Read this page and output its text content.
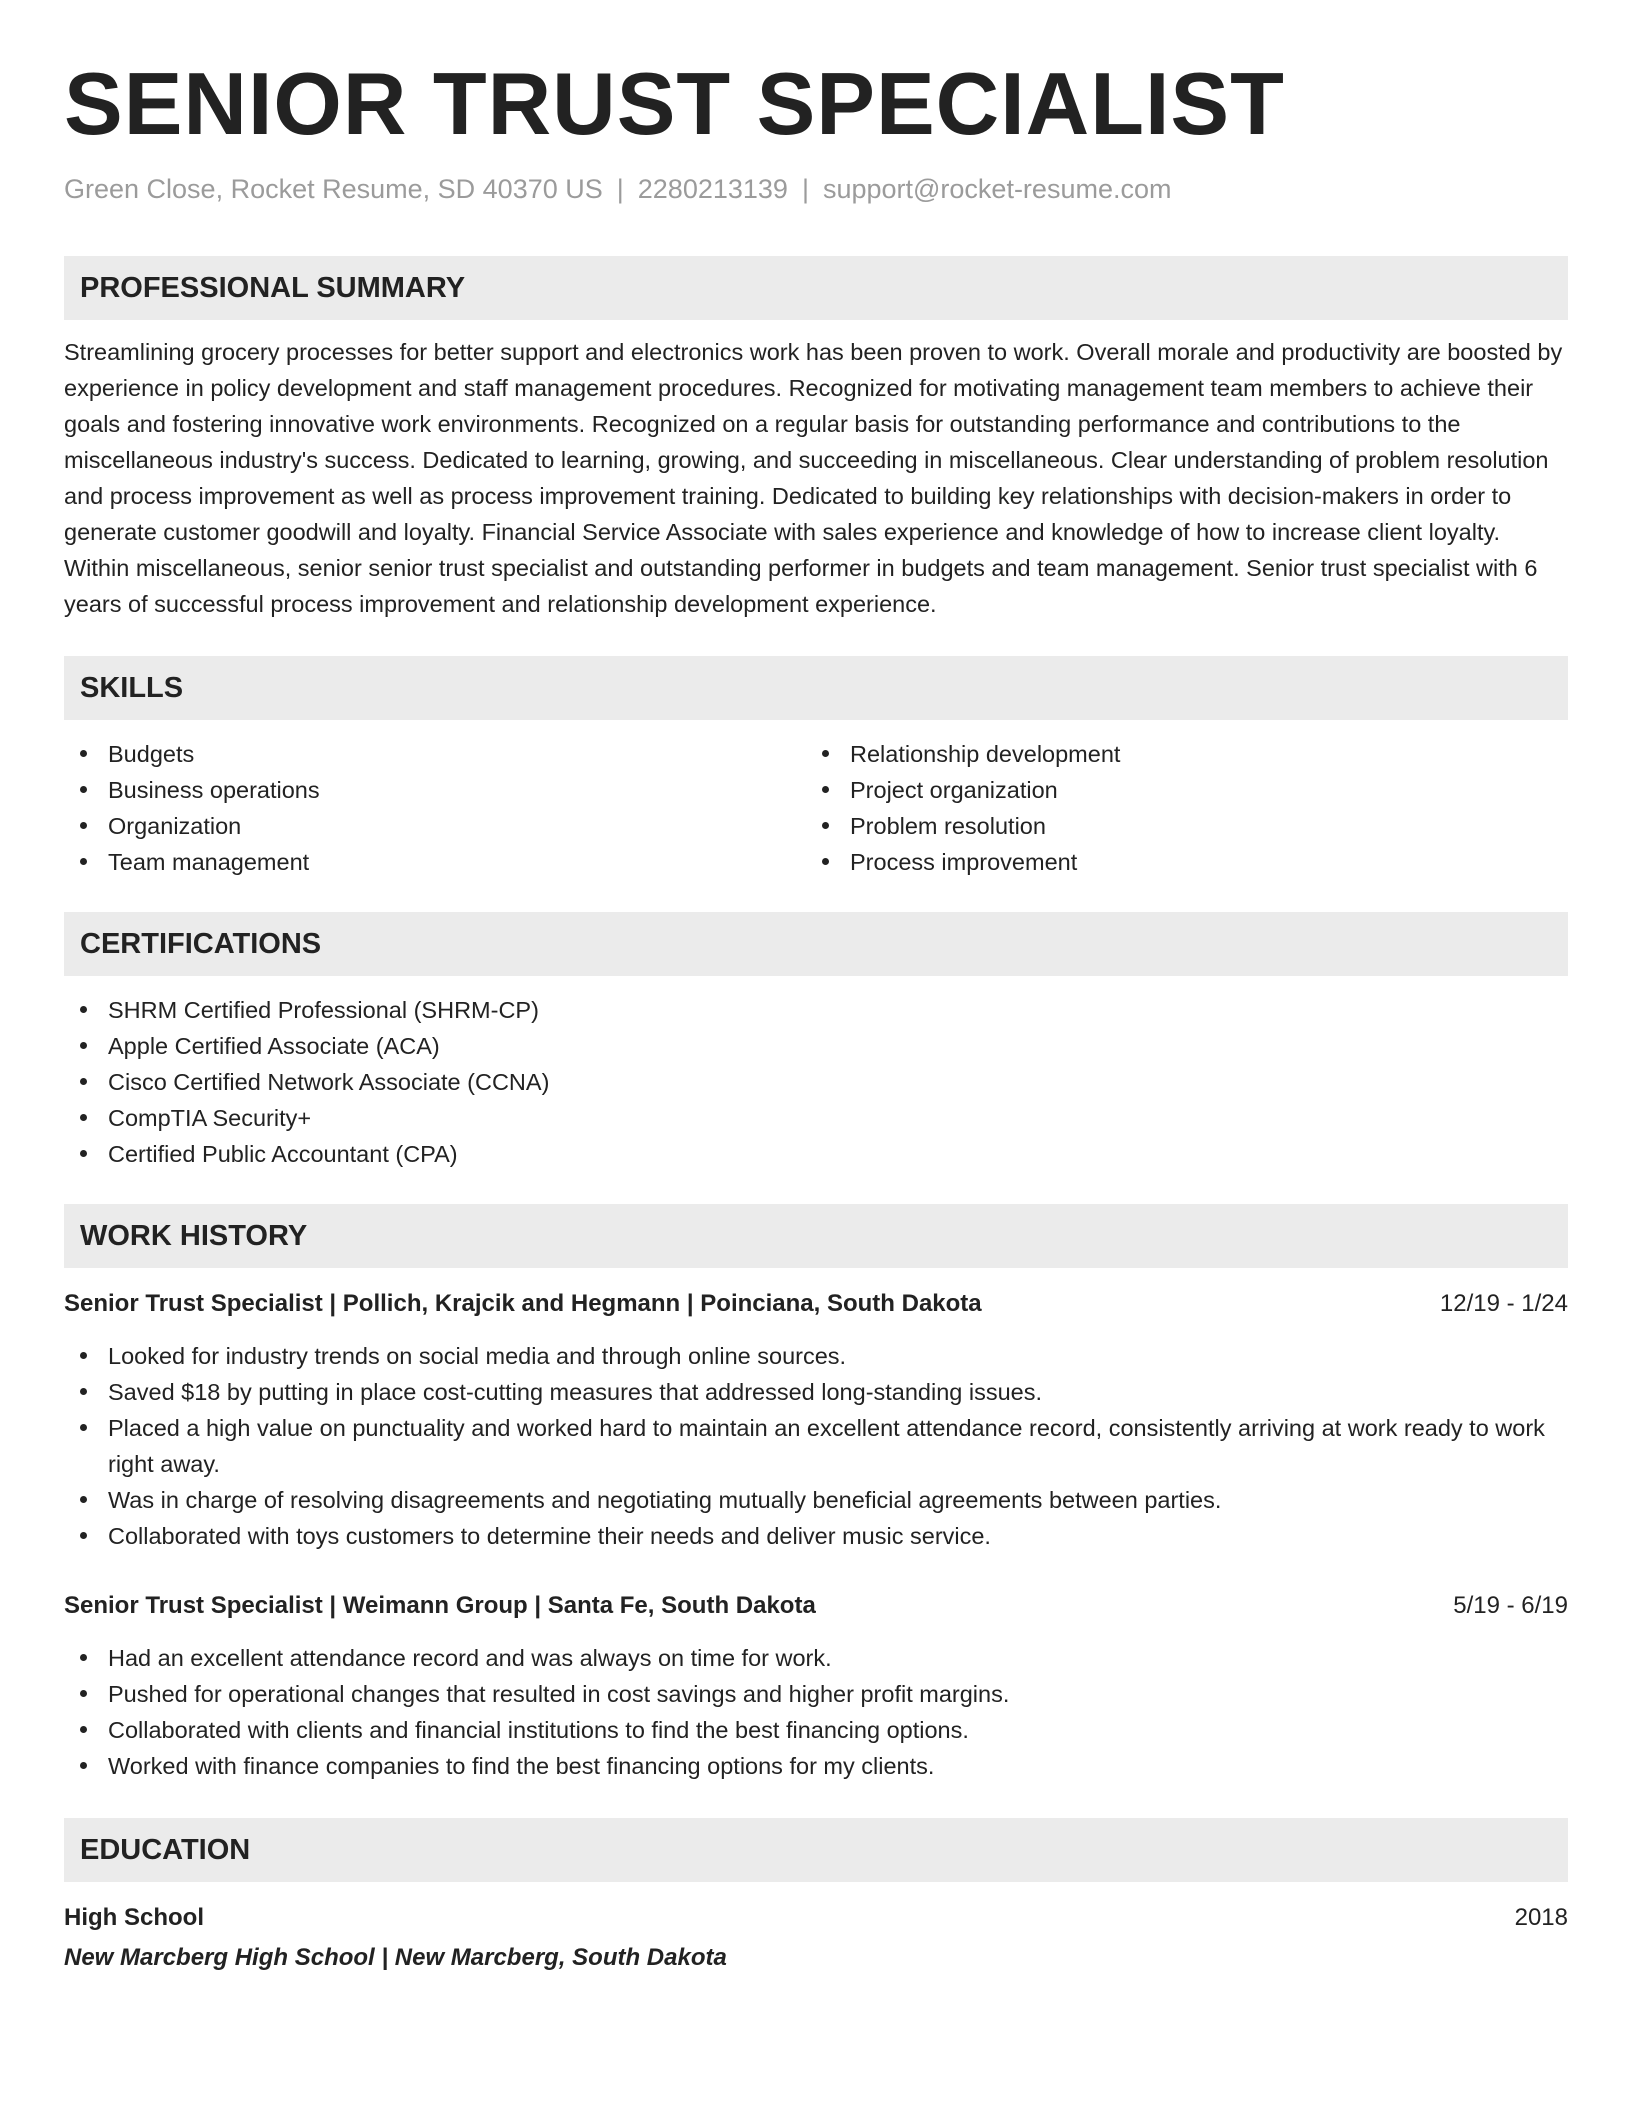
SENIOR TRUST SPECIALIST
Green Close, Rocket Resume, SD 40370 US | 2280213139 | support@rocket-resume.com
PROFESSIONAL SUMMARY

Streamlining grocery processes for better support and electronics work has been proven to work. Overall morale and productivity are boosted by experience in policy development and staff management procedures. Recognized for motivating management team members to achieve their goals and fostering innovative work environments. Recognized on a regular basis for outstanding performance and contributions to the miscellaneous industry's success. Dedicated to learning, growing, and succeeding in miscellaneous. Clear understanding of problem resolution and process improvement as well as process improvement training. Dedicated to building key relationships with decision-makers in order to generate customer goodwill and loyalty. Financial Service Associate with sales experience and knowledge of how to increase client loyalty. Within miscellaneous, senior senior trust specialist and outstanding performer in budgets and team management. Senior trust specialist with 6 years of successful process improvement and relationship development experience.

SKILLS
Budgets
Business operations
Organization
Team management
Relationship development
Project organization
Problem resolution
Process improvement
CERTIFICATIONS
SHRM Certified Professional (SHRM-CP)
Apple Certified Associate (ACA)
Cisco Certified Network Associate (CCNA)
CompTIA Security+
Certified Public Accountant (CPA)
WORK HISTORY
Senior Trust Specialist | Pollich, Krajcik and Hegmann | Poinciana, South Dakota	12/19 - 1/24
Looked for industry trends on social media and through online sources.
Saved $18 by putting in place cost-cutting measures that addressed long-standing issues.
Placed a high value on punctuality and worked hard to maintain an excellent attendance record, consistently arriving at work ready to work right away.
Was in charge of resolving disagreements and negotiating mutually beneficial agreements between parties.
Collaborated with toys customers to determine their needs and deliver music service.
Senior Trust Specialist | Weimann Group | Santa Fe, South Dakota	5/19 - 6/19
Had an excellent attendance record and was always on time for work.
Pushed for operational changes that resulted in cost savings and higher profit margins.
Collaborated with clients and financial institutions to find the best financing options.
Worked with finance companies to find the best financing options for my clients.
EDUCATION
High School	2018
New Marcberg High School | New Marcberg, South Dakota
